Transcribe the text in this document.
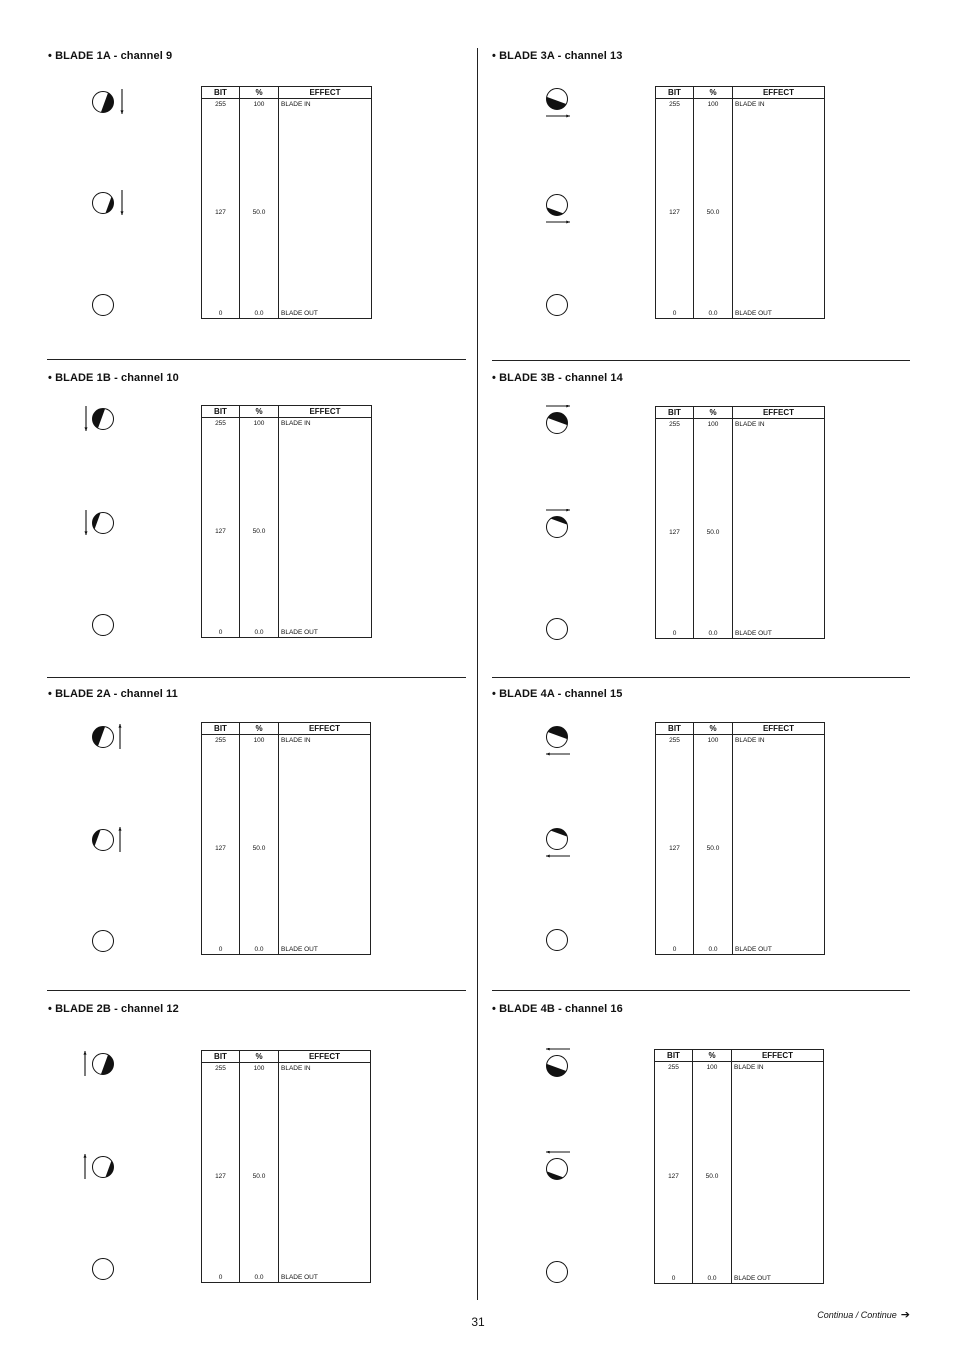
• BLADE 1A - channel 9
BIT	%	EFFECT
255	100	BLADE IN
127	50.0	
0	0.0	BLADE OUT
• BLADE 1B - channel 10
BIT	%	EFFECT
255	100	BLADE IN
127	50.0	
0	0.0	BLADE OUT
• BLADE 2A - channel 11
BIT	%	EFFECT
255	100	BLADE IN
127	50.0	
0	0.0	BLADE OUT
• BLADE 2B - channel 12
BIT	%	EFFECT
255	100	BLADE IN
127	50.0	
0	0.0	BLADE OUT
• BLADE 3A - channel 13
BIT	%	EFFECT
255	100	BLADE IN
127	50.0	
0	0.0	BLADE OUT
• BLADE 3B - channel 14
BIT	%	EFFECT
255	100	BLADE IN
127	50.0	
0	0.0	BLADE OUT
• BLADE 4A - channel 15
BIT	%	EFFECT
255	100	BLADE IN
127	50.0	
0	0.0	BLADE OUT
• BLADE 4B - channel 16
BIT	%	EFFECT
255	100	BLADE IN
127	50.0	
0	0.0	BLADE OUT
31	Continua / Continue ➔
